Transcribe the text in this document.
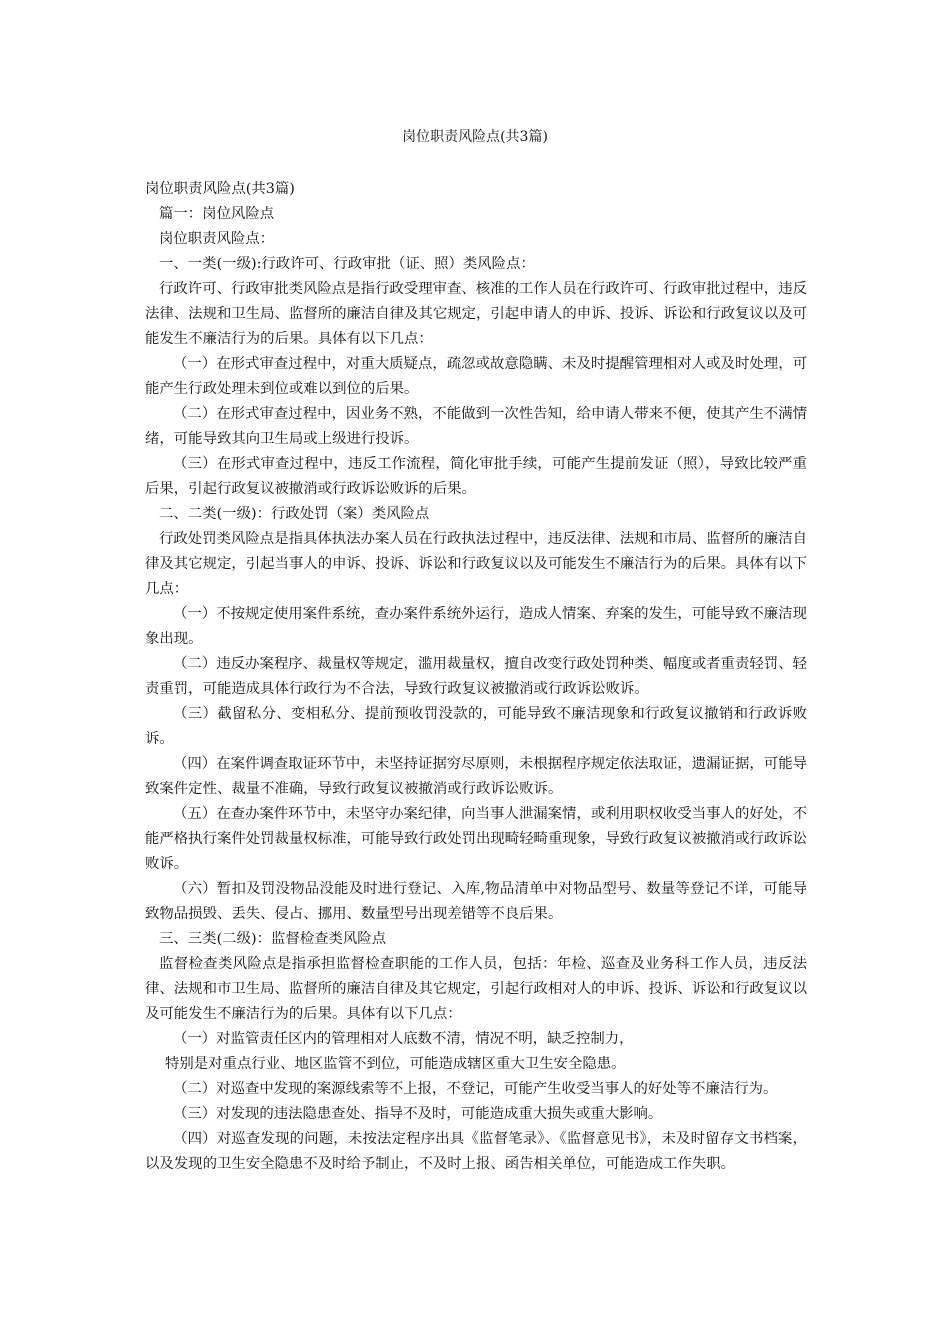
岗位职责风险点(共3篇)

岗位职责风险点(共3篇)

篇一：岗位风险点

岗位职责风险点：

一、一类(一级):行政许可、行政审批（证、照）类风险点：

行政许可、行政审批类风险点是指行政受理审查、核准的工作人员在行政许可、行政审批过程中，违反法律、法规和卫生局、监督所的廉洁自律及其它规定，引起申请人的申诉、投诉、诉讼和行政复议以及可能发生不廉洁行为的后果。具体有以下几点：

（一）在形式审查过程中，对重大质疑点，疏忽或故意隐瞒、未及时提醒管理相对人或及时处理，可能产生行政处理未到位或难以到位的后果。

（二）在形式审查过程中，因业务不熟，不能做到一次性告知，给申请人带来不便，使其产生不满情绪，可能导致其向卫生局或上级进行投诉。

（三）在形式审查过程中，违反工作流程，简化审批手续，可能产生提前发证（照），导致比较严重后果，引起行政复议被撤消或行政诉讼败诉的后果。

二、二类(一级)：行政处罚（案）类风险点

行政处罚类风险点是指具体执法办案人员在行政执法过程中，违反法律、法规和市局、监督所的廉洁自律及其它规定，引起当事人的申诉、投诉、诉讼和行政复议以及可能发生不廉洁行为的后果。具体有以下几点：

（一）不按规定使用案件系统，查办案件系统外运行，造成人情案、弃案的发生，可能导致不廉洁现象出现。

（二）违反办案程序、裁量权等规定，滥用裁量权，擅自改变行政处罚种类、幅度或者重责轻罚、轻责重罚，可能造成具体行政行为不合法，导致行政复议被撤消或行政诉讼败诉。

（三）截留私分、变相私分、提前预收罚没款的，可能导致不廉洁现象和行政复议撤销和行政诉败诉。

（四）在案件调查取证环节中，未坚持证据穷尽原则，未根据程序规定依法取证，遗漏证据，可能导致案件定性、裁量不准确，导致行政复议被撤消或行政诉讼败诉。

（五）在查办案件环节中，未坚守办案纪律，向当事人泄漏案情，或利用职权收受当事人的好处，不能严格执行案件处罚裁量权标准，可能导致行政处罚出现畸轻畸重现象，导致行政复议被撤消或行政诉讼败诉。

（六）暂扣及罚没物品没能及时进行登记、入库,物品清单中对物品型号、数量等登记不详，可能导致物品损毁、丢失、侵占、挪用、数量型号出现差错等不良后果。

三、三类(二级)：监督检查类风险点

监督检查类风险点是指承担监督检查职能的工作人员，包括：年检、巡查及业务科工作人员，违反法律、法规和市卫生局、监督所的廉洁自律及其它规定，引起行政相对人的申诉、投诉、诉讼和行政复议以及可能发生不廉洁行为的后果。具体有以下几点：

（一）对监管责任区内的管理相对人底数不清，情况不明，缺乏控制力，

特别是对重点行业、地区监管不到位，可能造成辖区重大卫生安全隐患。

（二）对巡查中发现的案源线索等不上报，不登记，可能产生收受当事人的好处等不廉洁行为。

（三）对发现的违法隐患查处、指导不及时，可能造成重大损失或重大影响。

（四）对巡查发现的问题，未按法定程序出具《监督笔录》、《监督意见书》，未及时留存文书档案，以及发现的卫生安全隐患不及时给予制止，不及时上报、函告相关单位，可能造成工作失职。
